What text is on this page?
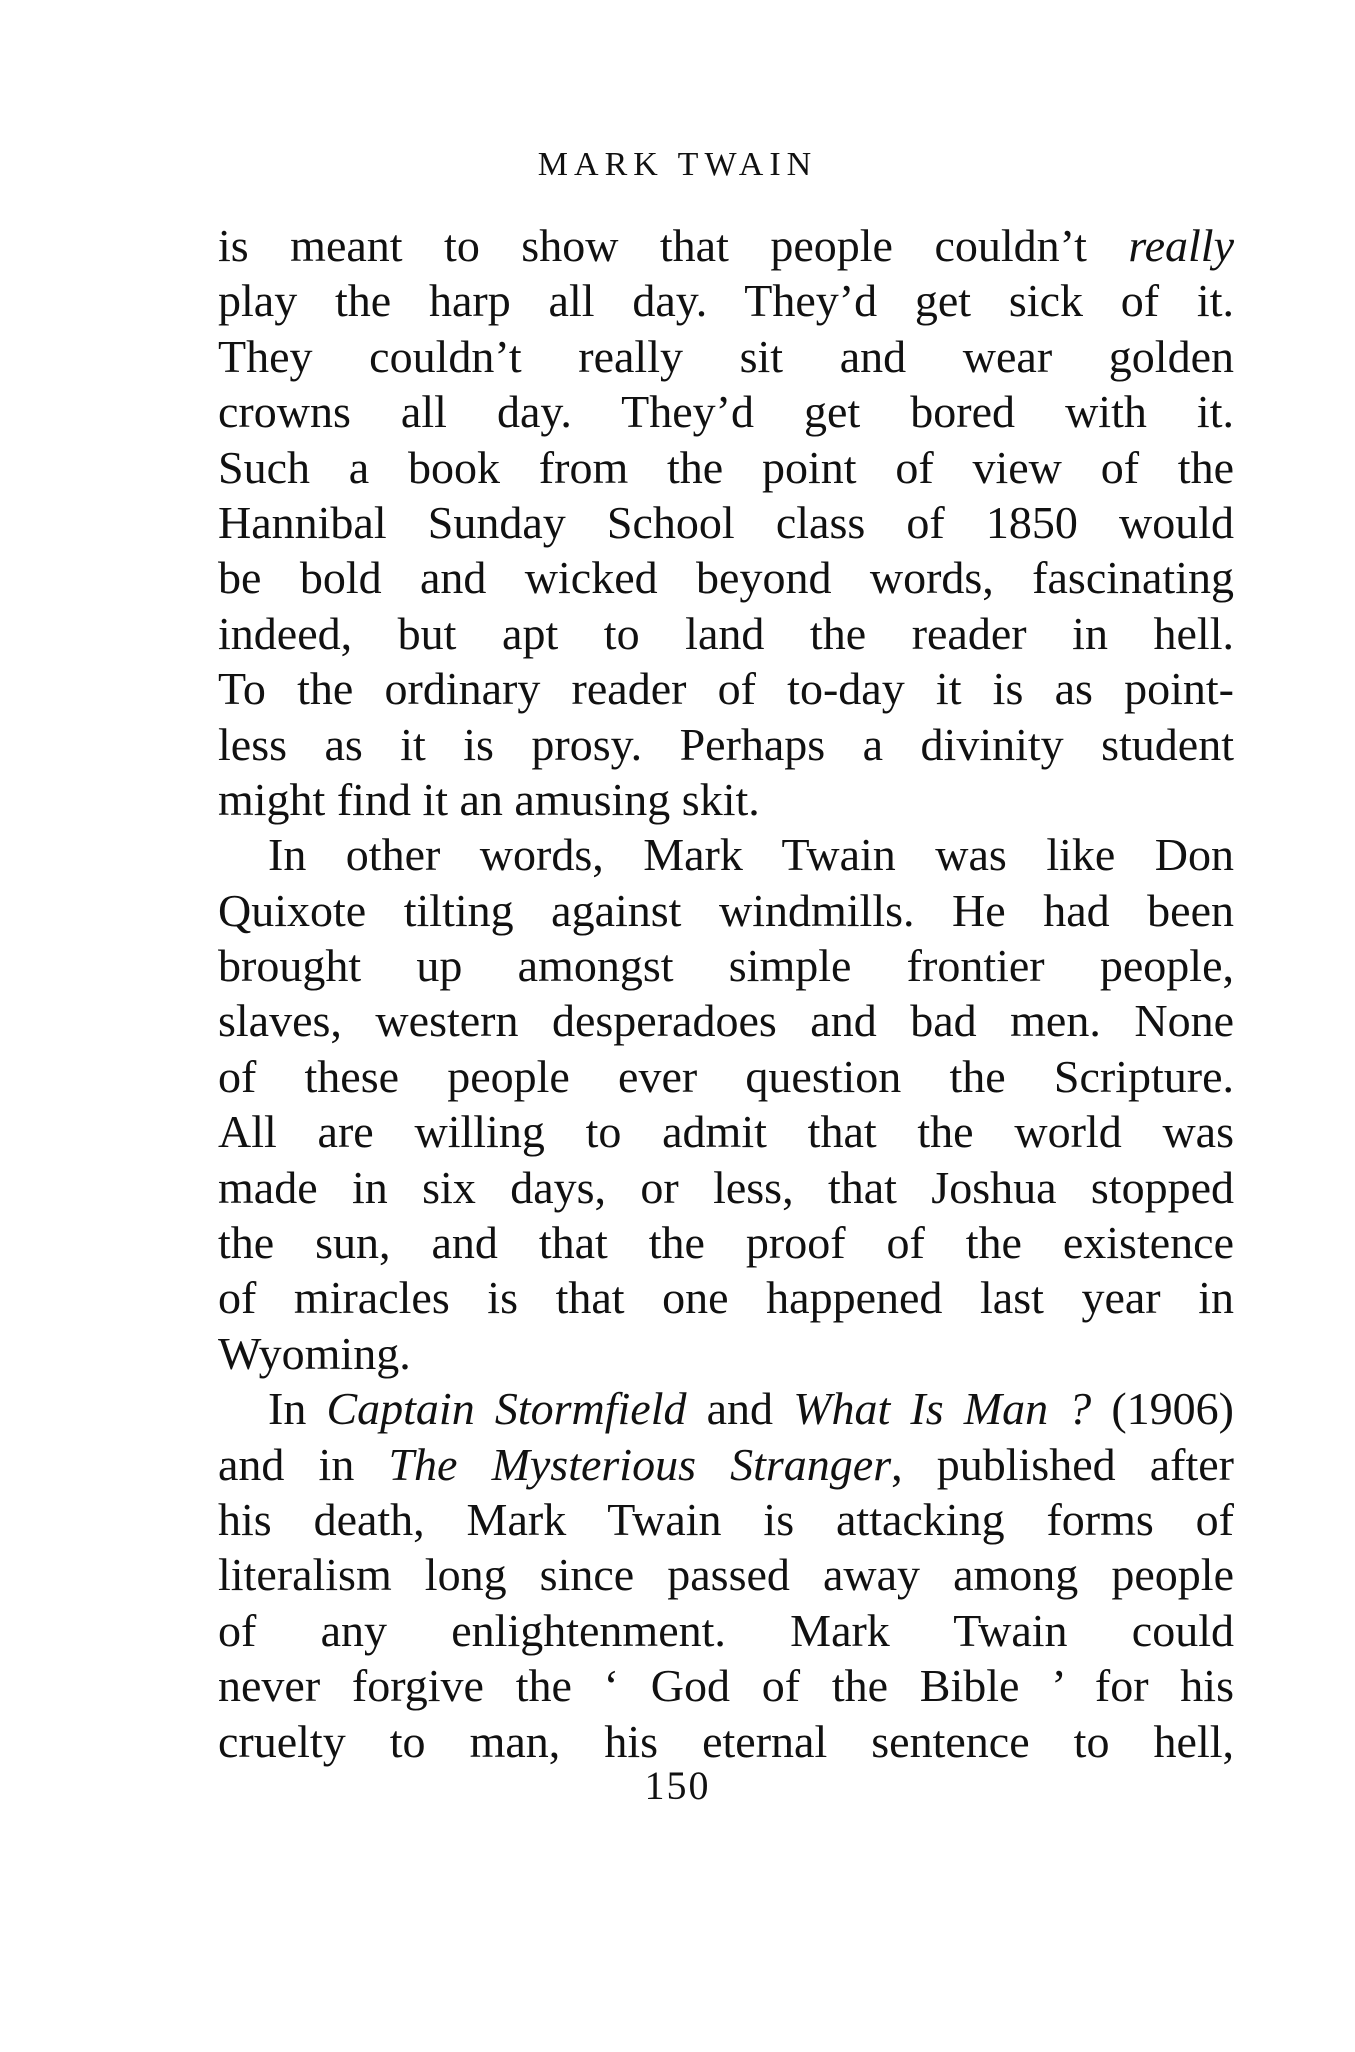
MARK TWAIN
is meant to show that people couldn’t really
play the harp all day. They’d get sick of it.
They couldn’t really sit and wear golden
crowns all day. They’d get bored with it.
Such a book from the point of view of the
Hannibal Sunday School class of 1850 would
be bold and wicked beyond words, fascinating
indeed, but apt to land the reader in hell.
To the ordinary reader of to-day it is as point-
less as it is prosy. Perhaps a divinity student
might find it an amusing skit.
In other words, Mark Twain was like Don
Quixote tilting against windmills. He had been
brought up amongst simple frontier people,
slaves, western desperadoes and bad men. None
of these people ever question the Scripture.
All are willing to admit that the world was
made in six days, or less, that Joshua stopped
the sun, and that the proof of the existence
of miracles is that one happened last year in
Wyoming.
In Captain Stormfield and What Is Man ? (1906)
and in The Mysterious Stranger, published after
his death, Mark Twain is attacking forms of
literalism long since passed away among people
of any enlightenment. Mark Twain could
never forgive the ‘ God of the Bible ’ for his
cruelty to man, his eternal sentence to hell,
150
